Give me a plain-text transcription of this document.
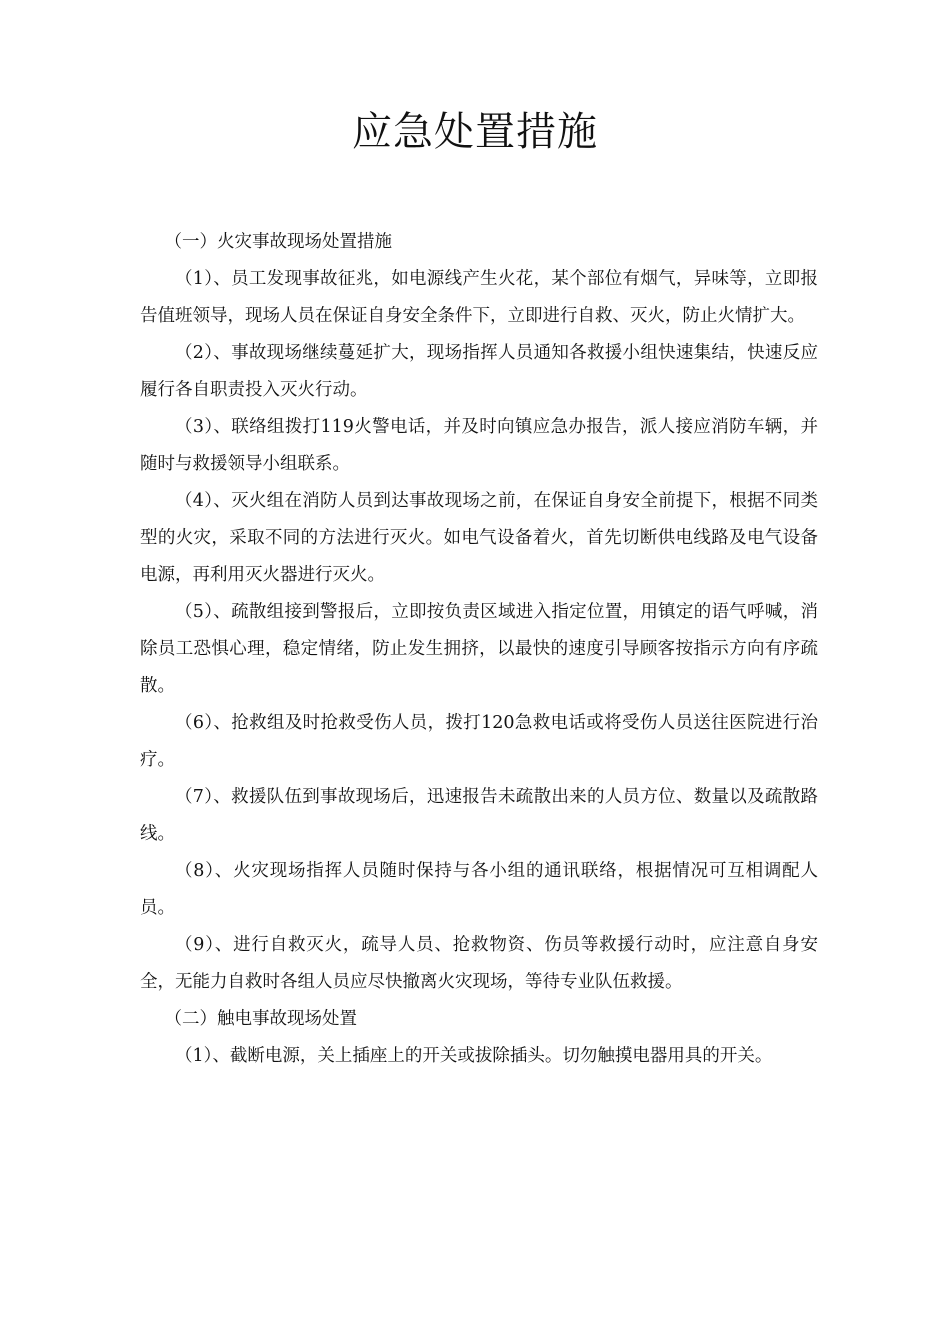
应急处置措施

（一）火灾事故现场处置措施

（1）、员工发现事故征兆，如电源线产生火花，某个部位有烟气，异味等，立即报告值班领导，现场人员在保证自身安全条件下，立即进行自救、灭火，防止火情扩大。

（2）、事故现场继续蔓延扩大，现场指挥人员通知各救援小组快速集结，快速反应履行各自职责投入灭火行动。

（3）、联络组拨打119火警电话，并及时向镇应急办报告，派人接应消防车辆，并随时与救援领导小组联系。

（4）、灭火组在消防人员到达事故现场之前，在保证自身安全前提下，根据不同类型的火灾，采取不同的方法进行灭火。如电气设备着火，首先切断供电线路及电气设备电源，再利用灭火器进行灭火。

（5）、疏散组接到警报后，立即按负责区域进入指定位置，用镇定的语气呼喊，消除员工恐惧心理，稳定情绪，防止发生拥挤，以最快的速度引导顾客按指示方向有序疏散。

（6）、抢救组及时抢救受伤人员，拨打120急救电话或将受伤人员送往医院进行治疗。

（7）、救援队伍到事故现场后，迅速报告未疏散出来的人员方位、数量以及疏散路线。

（8）、火灾现场指挥人员随时保持与各小组的通讯联络，根据情况可互相调配人员。

（9）、进行自救灭火，疏导人员、抢救物资、伤员等救援行动时，应注意自身安全，无能力自救时各组人员应尽快撤离火灾现场，等待专业队伍救援。

（二）触电事故现场处置

（1）、截断电源，关上插座上的开关或拔除插头。切勿触摸电器用具的开关。
